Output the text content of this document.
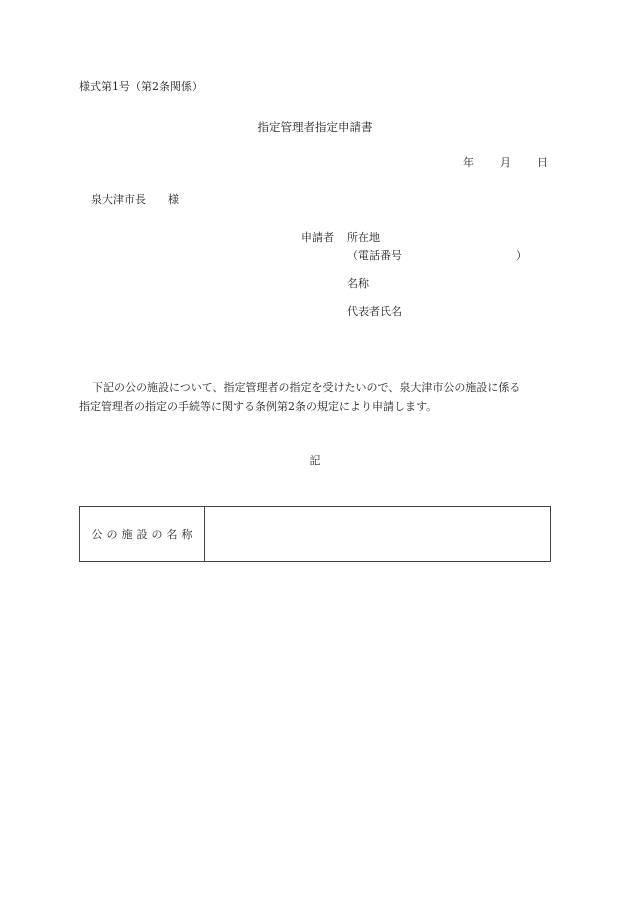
様式第1号（第2条関係）
指定管理者指定申請書
年 月 日
泉大津市長 様
申請者 所在地
（電話番号	）
名称
代表者氏名
下記の公の施設について、指定管理者の指定を受けたいので、泉大津市公の施設に係る
指定管理者の指定の手続等に関する条例第2条の規定により申請します。
記
公の施設の名称
